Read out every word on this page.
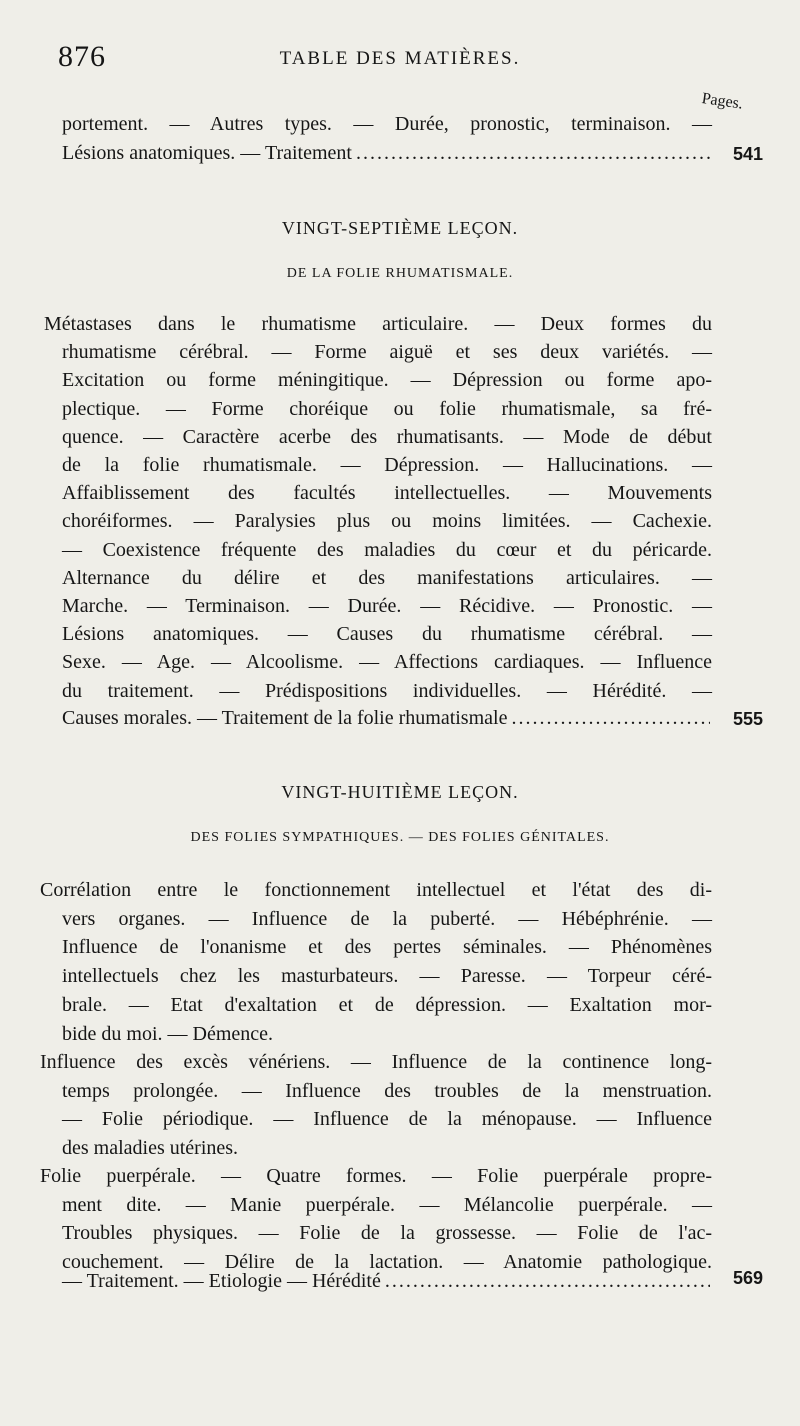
876	TABLE DES MATIÈRES.
Pages.
portement. — Autres types. — Durée, pronostic, terminaison. —
Lésions anatomiques. — Traitement .....	541
VINGT-SEPTIÈME LEÇON.
DE LA FOLIE RHUMATISMALE.
Métastases dans le rhumatisme articulaire. — Deux formes du
rhumatisme cérébral. — Forme aiguë et ses deux variétés. —
Excitation ou forme méningitique. — Dépression ou forme apo-
plectique. — Forme choréique ou folie rhumatismale, sa fré-
quence. — Caractère acerbe des rhumatisants. — Mode de début
de la folie rhumatismale. — Dépression. — Hallucinations. —
Affaiblissement des facultés intellectuelles. — Mouvements
choréiformes. — Paralysies plus ou moins limitées. — Cachexie.
— Coexistence fréquente des maladies du cœur et du péricarde.
Alternance du délire et des manifestations articulaires. —
Marche. — Terminaison. — Durée. — Récidive. — Pronostic. —
Lésions anatomiques. — Causes du rhumatisme cérébral. —
Sexe. — Age. — Alcoolisme. — Affections cardiaques. — Influence
du traitement. — Prédispositions individuelles. — Hérédité. —
Causes morales. — Traitement de la folie rhumatismale .....	555
VINGT-HUITIÈME LEÇON.
DES FOLIES SYMPATHIQUES. — DES FOLIES GÉNITALES.
Corrélation entre le fonctionnement intellectuel et l'état des di-
vers organes. — Influence de la puberté. — Hébéphrénie. —
Influence de l'onanisme et des pertes séminales. — Phénomènes
intellectuels chez les masturbateurs. — Paresse. — Torpeur céré-
brale. — Etat d'exaltation et de dépression. — Exaltation mor-
bide du moi. — Démence.
Influence des excès vénériens. — Influence de la continence long-
temps prolongée. — Influence des troubles de la menstruation.
— Folie périodique. — Influence de la ménopause. — Influence
des maladies utérines.
Folie puerpérale. — Quatre formes. — Folie puerpérale propre-
ment dite. — Manie puerpérale. — Mélancolie puerpérale. —
Troubles physiques. — Folie de la grossesse. — Folie de l'ac-
couchement. — Délire de la lactation. — Anatomie pathologique.
— Traitement. — Etiologie — Hérédité .....	569
